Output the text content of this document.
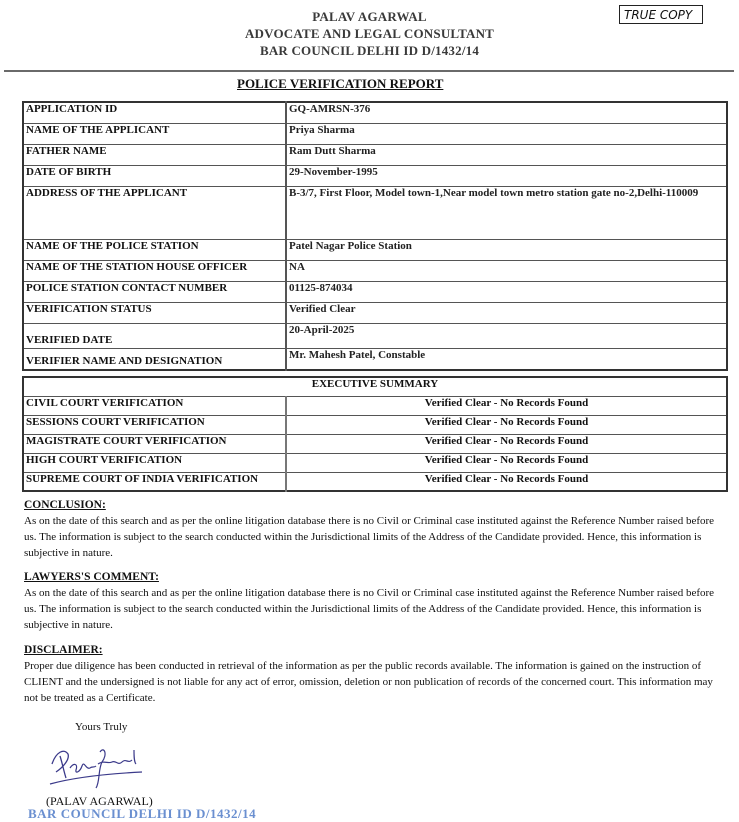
PALAV AGARWAL
ADVOCATE AND LEGAL CONSULTANT
BAR COUNCIL DELHI ID D/1432/14
TRUE COPY
POLICE VERIFICATION REPORT
APPLICATION ID	GQ-AMRSN-376
NAME OF THE APPLICANT	Priya Sharma
FATHER NAME	Ram Dutt Sharma
DATE OF BIRTH	29-November-1995
ADDRESS OF THE APPLICANT	B-3/7, First Floor, Model town-1,Near model town metro station gate no-2,Delhi-110009
NAME OF THE POLICE STATION	Patel Nagar Police Station
NAME OF THE STATION HOUSE OFFICER	NA
POLICE STATION CONTACT NUMBER	01125-874034
VERIFICATION STATUS	Verified Clear
VERIFIED DATE	20-April-2025
VERIFIER NAME AND DESIGNATION	Mr. Mahesh Patel, Constable
EXECUTIVE SUMMARY	
CIVIL COURT VERIFICATION	Verified Clear - No Records Found
SESSIONS COURT VERIFICATION	Verified Clear - No Records Found
MAGISTRATE COURT VERIFICATION	Verified Clear - No Records Found
HIGH COURT VERIFICATION	Verified Clear - No Records Found
SUPREME COURT OF INDIA VERIFICATION	Verified Clear - No Records Found
CONCLUSION:
As on the date of this search and as per the online litigation database there is no Civil or Criminal case instituted against the Reference Number raised before us. The information is subject to the search conducted within the Jurisdictional limits of the Address of the Candidate provided. Hence, this information is subjective in nature.
LAWYERS'S COMMENT:
As on the date of this search and as per the online litigation database there is no Civil or Criminal case instituted against the Reference Number raised before us. The information is subject to the search conducted within the Jurisdictional limits of the Address of the Candidate provided. Hence, this information is subjective in nature.
DISCLAIMER:
Proper due diligence has been conducted in retrieval of the information as per the public records available. The information is gained on the instruction of CLIENT and the undersigned is not liable for any act of error, omission, deletion or non publication of records of the concerned court. This information may not be treated as a Certificate.
Yours Truly
(PALAV AGARWAL)
BAR COUNCIL DELHI ID D/1432/14
